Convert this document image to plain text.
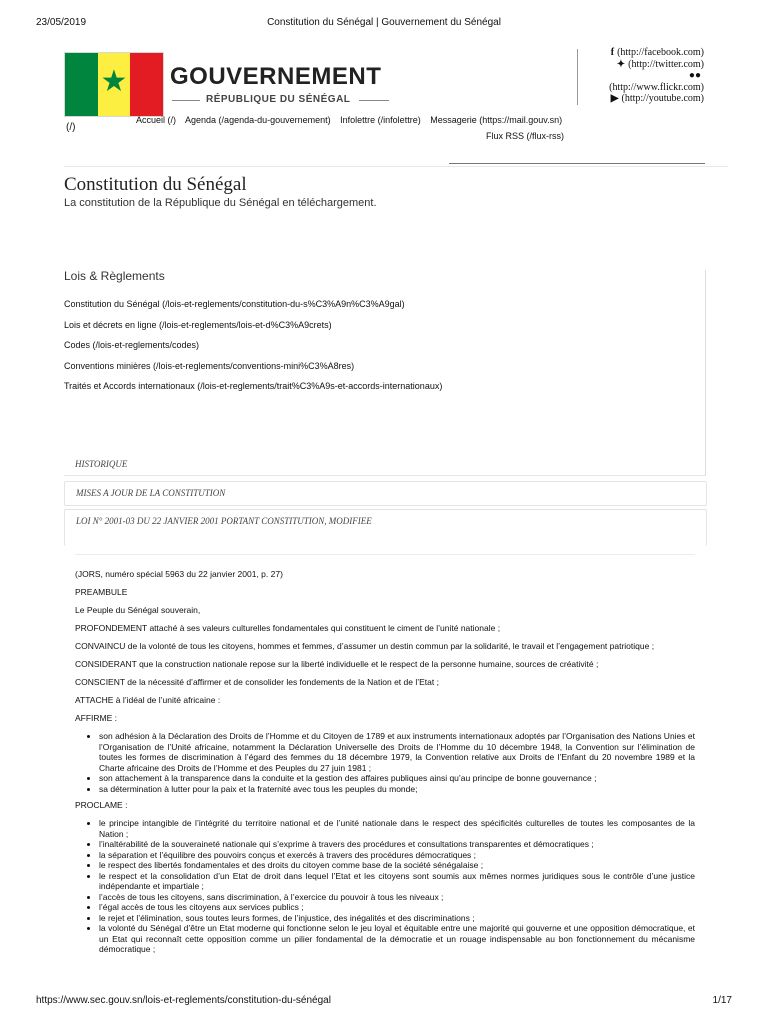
23/05/2019	Constitution du Sénégal | Gouvernement du Sénégal
https://www.sec.gouv.sn/lois-et-reglements/constitution-du-sénégal	1/17
★	GOUVERNEMENT
RÉPUBLIQUE DU SÉNÉGAL
f (http://facebook.com)
✦ (http://twitter.com)
●●
(http://www.flickr.com)
▶ (http://youtube.com)
(/)
Accueil (/) Agenda (/agenda-du-gouvernement) Infolettre (/infolettre) Messagerie (https://mail.gouv.sn)
Flux RSS (/flux-rss)
Constitution du Sénégal
La constitution de la République du Sénégal en téléchargement.
Lois & Règlements
Constitution du Sénégal (/lois-et-reglements/constitution-du-s%C3%A9n%C3%A9gal)
Lois et décrets en ligne (/lois-et-reglements/lois-et-d%C3%A9crets)
Codes (/lois-et-reglements/codes)
Conventions minières (/lois-et-reglements/conventions-mini%C3%A8res)
Traités et Accords internationaux (/lois-et-reglements/trait%C3%A9s-et-accords-internationaux)
HISTORIQUE
MISES A JOUR DE LA CONSTITUTION
LOI N° 2001-03 DU 22 JANVIER 2001 PORTANT CONSTITUTION, MODIFIEE

(JORS, numéro spécial 5963 du 22 janvier 2001, p. 27)

PREAMBULE

Le Peuple du Sénégal souverain,

PROFONDEMENT attaché à ses valeurs culturelles fondamentales qui constituent le ciment de l’unité nationale ;

CONVAINCU de la volonté de tous les citoyens, hommes et femmes, d’assumer un destin commun par la solidarité, le travail et l’engagement patriotique ;

CONSIDERANT que la construction nationale repose sur la liberté individuelle et le respect de la personne humaine, sources de créativité ;

CONSCIENT de la nécessité d’affirmer et de consolider les fondements de la Nation et de l’Etat ;

ATTACHE à l’idéal de l’unité africaine :

AFFIRME :

• son adhésion à la Déclaration des Droits de l’Homme et du Citoyen de 1789 et aux instruments internationaux adoptés par l’Organisation des Nations Unies et l’Organisation de l’Unité africaine, notamment la Déclaration Universelle des Droits de l’Homme du 10 décembre 1948, la Convention sur l’élimination de toutes les formes de discrimination à l’égard des femmes du 18 décembre 1979, la Convention relative aux Droits de l’Enfant du 20 novembre 1989 et la Charte africaine des Droits de l’Homme et des Peuples du 27 juin 1981 ;
• son attachement à la transparence dans la conduite et la gestion des affaires publiques ainsi qu’au principe de bonne gouvernance ;
• sa détermination à lutter pour la paix et la fraternité avec tous les peuples du monde;

PROCLAME :

• le principe intangible de l’intégrité du territoire national et de l’unité nationale dans le respect des spécificités culturelles de toutes les composantes de la Nation ;
• l’inaltérabilité de la souveraineté nationale qui s’exprime à travers des procédures et consultations transparentes et démocratiques ;
• la séparation et l’équilibre des pouvoirs conçus et exercés à travers des procédures démocratiques ;
• le respect des libertés fondamentales et des droits du citoyen comme base de la société sénégalaise ;
• le respect et la consolidation d’un Etat de droit dans lequel l’Etat et les citoyens sont soumis aux mêmes normes juridiques sous le contrôle d’une justice indépendante et impartiale ;
• l’accès de tous les citoyens, sans discrimination, à l’exercice du pouvoir à tous les niveaux ;
• l’égal accès de tous les citoyens aux services publics ;
• le rejet et l’élimination, sous toutes leurs formes, de l’injustice, des inégalités et des discriminations ;
• la volonté du Sénégal d’être un Etat moderne qui fonctionne selon le jeu loyal et équitable entre une majorité qui gouverne et une opposition démocratique, et un Etat qui reconnaît cette opposition comme un pilier fondamental de la démocratie et un rouage indispensable au bon fonctionnement du mécanisme démocratique ;
